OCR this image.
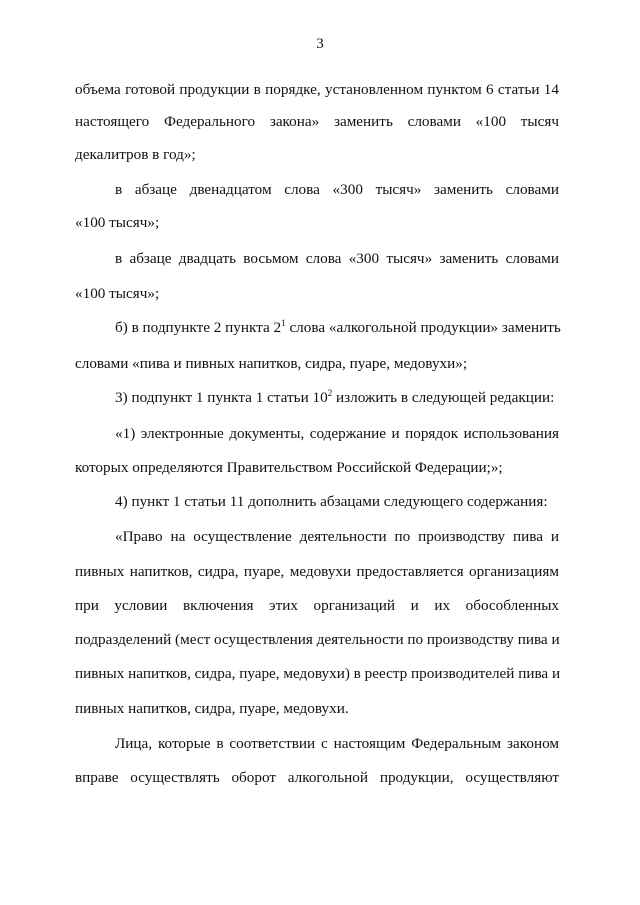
3
объема готовой продукции в порядке, установленном пунктом 6 статьи 14
настоящего Федерального закона» заменить словами «100 тысяч
декалитров в год»;
в абзаце двенадцатом слова «300 тысяч» заменить словами
«100 тысяч»;
в абзаце двадцать восьмом слова «300 тысяч» заменить словами
«100 тысяч»;
б) в подпункте 2 пункта $2^1$ слова «алкогольной продукции» заменить
словами «пива и пивных напитков, сидра, пуаре, медовухи»;
3) подпункт 1 пункта 1 статьи $10^2$ изложить в следующей редакции:
«1) электронные документы, содержание и порядок использования
которых определяются Правительством Российской Федерации;»;
4) пункт 1 статьи 11 дополнить абзацами следующего содержания:
«Право на осуществление деятельности по производству пива и
пивных напитков, сидра, пуаре, медовухи предоставляется организациям
при условии включения этих организаций и их обособленных
подразделений (мест осуществления деятельности по производству пива и
пивных напитков, сидра, пуаре, медовухи) в реестр производителей пива и
пивных напитков, сидра, пуаре, медовухи.
Лица, которые в соответствии с настоящим Федеральным законом
вправе осуществлять оборот алкогольной продукции, осуществляют
